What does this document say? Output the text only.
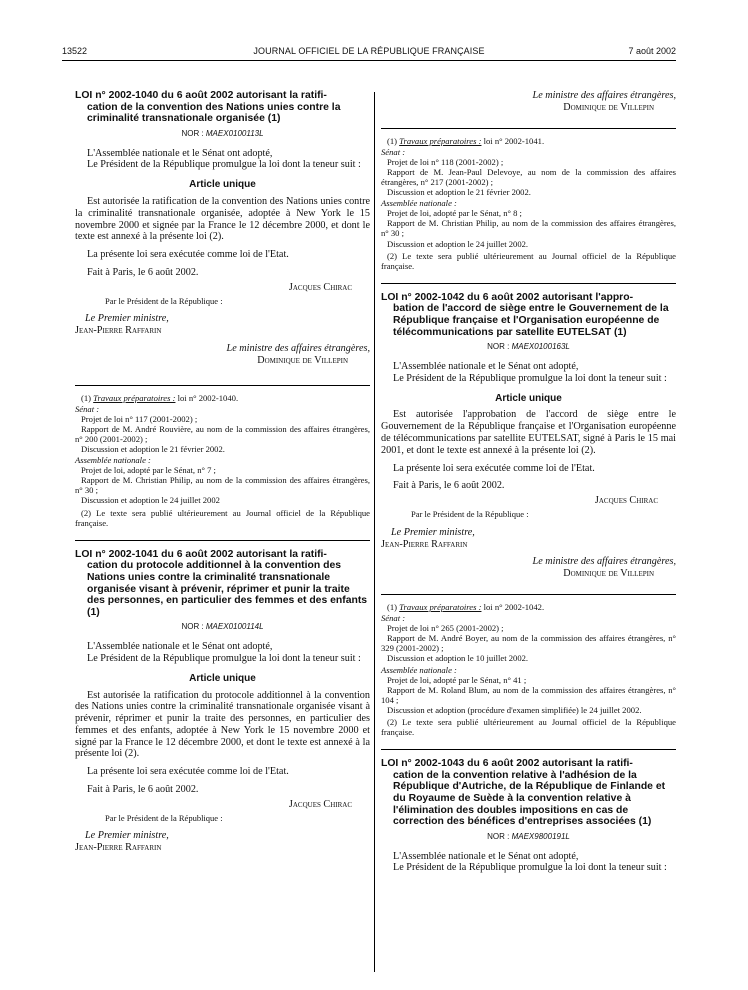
13522	JOURNAL OFFICIEL DE LA RÉPUBLIQUE FRANÇAISE	7 août 2002
LOI n° 2002-1040 du 6 août 2002 autorisant la ratifi-
cation de la convention des Nations unies contre la criminalité transnationale organisée (1)
NOR : MAEX0100113L

L'Assemblée nationale et le Sénat ont adopté,

Le Président de la République promulgue la loi dont la teneur suit :

Article unique

Est autorisée la ratification de la convention des Nations unies contre la criminalité transnationale organisée, adoptée à New York le 15 novembre 2000 et signée par la France le 12 décembre 2000, et dont le texte est annexé à la présente loi (2).

La présente loi sera exécutée comme loi de l'Etat.

Fait à Paris, le 6 août 2002.

Jacques Chirac

Par le Président de la République :

Le Premier ministre,

Jean-Pierre Raffarin

Le ministre des affaires étrangères,

Dominique de Villepin

(1) Travaux préparatoires : loi n° 2002-1040.

Sénat :

Projet de loi n° 117 (2001-2002) ;

Rapport de M. André Rouvière, au nom de la commission des affaires étrangères, n° 200 (2001-2002) ;

Discussion et adoption le 21 février 2002.

Assemblée nationale :

Projet de loi, adopté par le Sénat, n° 7 ;

Rapport de M. Christian Philip, au nom de la commission des affaires étrangères, n° 30 ;

Discussion et adoption le 24 juillet 2002

(2) Le texte sera publié ultérieurement au Journal officiel de la République française.

LOI n° 2002-1041 du 6 août 2002 autorisant la ratifi-
cation du protocole additionnel à la convention des Nations unies contre la criminalité transnationale organisée visant à prévenir, réprimer et punir la traite des personnes, en particulier des femmes et des enfants (1)
NOR : MAEX0100114L

L'Assemblée nationale et le Sénat ont adopté,

Le Président de la République promulgue la loi dont la teneur suit :

Article unique

Est autorisée la ratification du protocole additionnel à la convention des Nations unies contre la criminalité transnationale organisée visant à prévenir, réprimer et punir la traite des personnes, en particulier des femmes et des enfants, adoptée à New York le 15 novembre 2000 et signé par la France le 12 décembre 2000, et dont le texte est annexé à la présente loi (2).

La présente loi sera exécutée comme loi de l'Etat.

Fait à Paris, le 6 août 2002.

Jacques Chirac

Par le Président de la République :

Le Premier ministre,

Jean-Pierre Raffarin

Le ministre des affaires étrangères,

Dominique de Villepin

(1) Travaux préparatoires : loi n° 2002-1041.

Sénat :

Projet de loi n° 118 (2001-2002) ;

Rapport de M. Jean-Paul Delevoye, au nom de la commission des affaires étrangères, n° 217 (2001-2002) ;

Discussion et adoption le 21 février 2002.

Assemblée nationale :

Projet de loi, adopté par le Sénat, n° 8 ;

Rapport de M. Christian Philip, au nom de la commission des affaires étrangères, n° 30 ;

Discussion et adoption le 24 juillet 2002.

(2) Le texte sera publié ultérieurement au Journal officiel de la République française.

LOI n° 2002-1042 du 6 août 2002 autorisant l'appro-
bation de l'accord de siège entre le Gouvernement de la République française et l'Organisation européenne de télécommunications par satellite EUTELSAT (1)
NOR : MAEX0100163L

L'Assemblée nationale et le Sénat ont adopté,

Le Président de la République promulgue la loi dont la teneur suit :

Article unique

Est autorisée l'approbation de l'accord de siège entre le Gouvernement de la République française et l'Organisation européenne de télécommunications par satellite EUTELSAT, signé à Paris le 15 mai 2001, et dont le texte est annexé à la présente loi (2).

La présente loi sera exécutée comme loi de l'Etat.

Fait à Paris, le 6 août 2002.

Jacques Chirac

Par le Président de la République :

Le Premier ministre,

Jean-Pierre Raffarin

Le ministre des affaires étrangères,

Dominique de Villepin

(1) Travaux préparatoires : loi n° 2002-1042.

Sénat :

Projet de loi n° 265 (2001-2002) ;

Rapport de M. André Boyer, au nom de la commission des affaires étrangères, n° 329 (2001-2002) ;

Discussion et adoption le 10 juillet 2002.

Assemblée nationale :

Projet de loi, adopté par le Sénat, n° 41 ;

Rapport de M. Roland Blum, au nom de la commission des affaires étrangères, n° 104 ;

Discussion et adoption (procédure d'examen simplifiée) le 24 juillet 2002.

(2) Le texte sera publié ultérieurement au Journal officiel de la République française.

LOI n° 2002-1043 du 6 août 2002 autorisant la ratifi-
cation de la convention relative à l'adhésion de la République d'Autriche, de la République de Finlande et du Royaume de Suède à la convention relative à l'élimination des doubles impositions en cas de correction des bénéfices d'entreprises associées (1)
NOR : MAEX9800191L

L'Assemblée nationale et le Sénat ont adopté,

Le Président de la République promulgue la loi dont la teneur suit :
